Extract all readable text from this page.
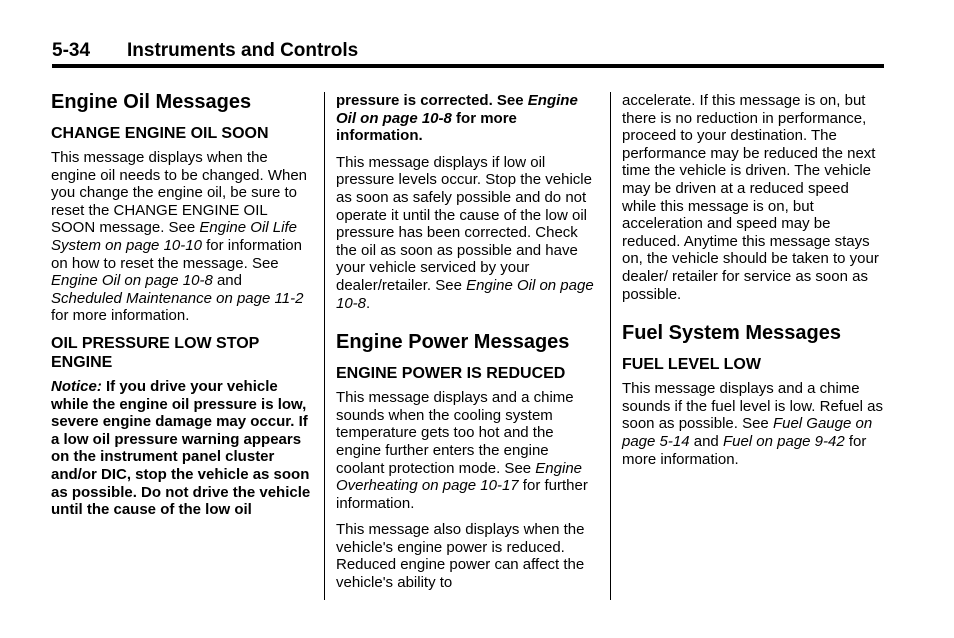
5-34 Instruments and Controls
Engine Oil Messages
CHANGE ENGINE OIL SOON

This message displays when the engine oil needs to be changed. When you change the engine oil, be sure to reset the CHANGE ENGINE OIL SOON message. See Engine Oil Life System on page 10-10 for information on how to reset the message. See Engine Oil on page 10-8 and Scheduled Maintenance on page 11-2 for more information.

OIL PRESSURE LOW STOP ENGINE

Notice: If you drive your vehicle while the engine oil pressure is low, severe engine damage may occur. If a low oil pressure warning appears on the instrument panel cluster and/or DIC, stop the vehicle as soon as possible. Do not drive the vehicle until the cause of the low oil

pressure is corrected. See Engine Oil on page 10-8 for more information.

This message displays if low oil pressure levels occur. Stop the vehicle as soon as safely possible and do not operate it until the cause of the low oil pressure has been corrected. Check the oil as soon as possible and have your vehicle serviced by your dealer/retailer. See Engine Oil on page 10-8.

Engine Power Messages
ENGINE POWER IS REDUCED

This message displays and a chime sounds when the cooling system temperature gets too hot and the engine further enters the engine coolant protection mode. See Engine Overheating on page 10-17 for further information.

This message also displays when the vehicle's engine power is reduced. Reduced engine power can affect the vehicle's ability to

accelerate. If this message is on, but there is no reduction in performance, proceed to your destination. The performance may be reduced the next time the vehicle is driven. The vehicle may be driven at a reduced speed while this message is on, but acceleration and speed may be reduced. Anytime this message stays on, the vehicle should be taken to your dealer/ retailer for service as soon as possible.

Fuel System Messages
FUEL LEVEL LOW

This message displays and a chime sounds if the fuel level is low. Refuel as soon as possible. See Fuel Gauge on page 5-14 and Fuel on page 9-42 for more information.
